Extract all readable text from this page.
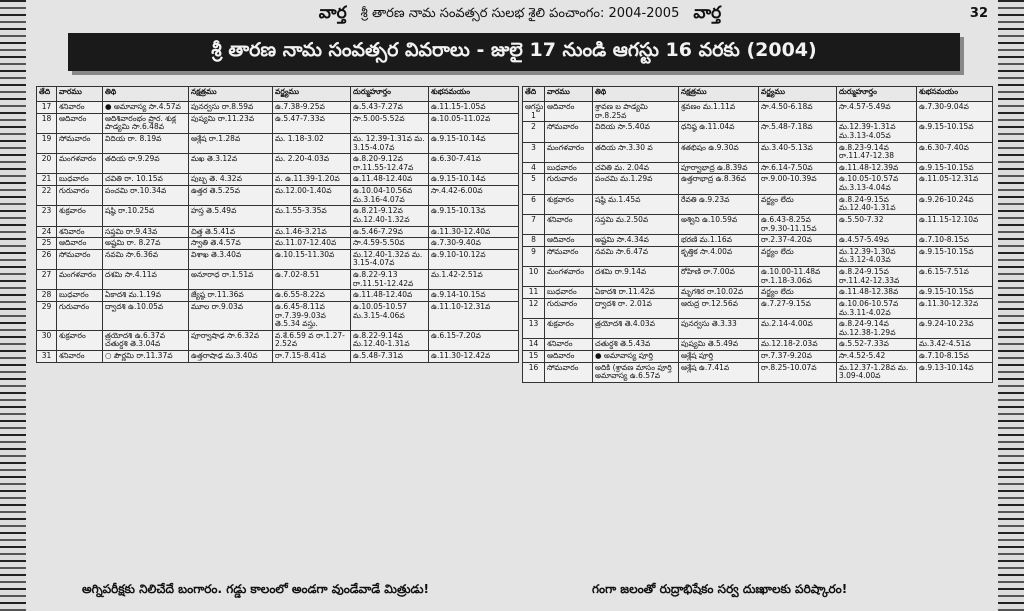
వార్త శ్రీ తారణ నామ సంవత్సర సులభ శైలి పంచాంగం: 2004-2005 వార్త	32
శ్రీ తారణ నామ సంవత్సర వివరాలు - జులై 17 నుండి ఆగస్టు 16 వరకు (2004)
తేది	వారము	తిథి	నక్షత్రము	వర్జ్యము	దుర్ముహూర్తం	శుభసమయం
17	శనివారం	● అమావాస్య సా.4.57వ	పునర్వసు రా.8.59వ	ఉ.7.38-9.25వ	ఉ.5.43-7.27వ	ఉ.11.15-1.05వ
18	ఆదివారం	ఆదిశివారంభం ప్రార. శుక్ల పాడ్యమి సా.6.48వ	పుష్యమి రా.11.23వ	ఉ.5.47-7.33వ	సా.5.00-5.52వ	ఉ.10.05-11.02వ
19	సోమవారం	విదియ రా. 8.19వ	ఆశ్లేష రా.1.28వ	మ. 1.18-3.02	మ. 12.39-1.31వ మ. 3.15-4.07వ	ఉ.9.15-10.14వ
20	మంగళవారం	తదియ రా.9.29వ	మఖ తె.3.12వ	మ. 2.20-4.03వ	ఉ.8.20-9.12వ రా.11.55-12.47వ	ఉ.6.30-7.41వ
21	బుధవారం	చవితి రా. 10.15వ	పుబ్బ తె. 4.32వ	వ. ఉ.11.39-1.20వ	ఉ.11.48-12.40వ	ఉ.9.15-10.14వ
22	గురువారం	పంచమి రా.10.34వ	ఉత్తర తె.5.25వ	మ.12.00-1.40వ	ఉ.10.04-10.56వ మ.3.16-4.07వ	సా.4.42-6.00వ
23	శుక్రవారం	షష్ఠి రా.10.25వ	హస్త తె.5.49వ	మ.1.55-3.35వ	ఉ.8.21-9.12వ మ.12.40-1.32వ	ఉ.9.15-10.13వ
24	శనివారం	సప్తమి రా.9.43వ	చిత్త తె.5.41వ	మ.1.46-3.21వ	ఉ.5.46-7.29వ	ఉ.11.30-12.40వ
25	ఆదివారం	అష్టమి రా. 8.27వ	స్వాతి తె.4.57వ	మ.11.07-12.40వ	సా.4.59-5.50వ	ఉ.7.30-9.40వ
26	సోమవారం	నవమి సా.6.36వ	విశాఖ తె.3.40వ	ఉ.10.15-11.30వ	మ.12.40-1.32వ మ. 3.15-4.07వ	ఉ.9.10-10.12వ
27	మంగళవారం	దశమి సా.4.11వ	అనూరాధ రా.1.51వ	ఉ.7.02-8.51	ఉ.8.22-9.13 రా.11.51-12.42వ	మ.1.42-2.51వ
28	బుధవారం	ఏకాదశి మ.1.19వ	జ్యేష్ఠ రా.11.36వ	ఉ.6.55-8.22వ	ఉ.11.48-12.40వ	ఉ.9.14-10.15వ
29	గురువారం	ద్వాదశి ఉ.10.05వ	మూల రా.9.03వ	ఉ.6.45-8.11వ రా.7.39-9.03వ తె.5.34 వస్తు.	ఉ.10.05-10.57 మ.3.15-4.06వ	ఉ.11.10-12.31వ
30	శుక్రవారం	త్రయోదశి ఉ.6.37వ చతుర్దశి తె.3.04వ	పూర్వాషాఢ సా.6.32వ	వ.శే.6.59 వ రా.1.27-2.52వ	ఉ.8.22-9.14వ మ.12.40-1.31వ	ఉ.6.15-7.20వ
31	శనివారం	○ పౌర్ణమి రా.11.37వ	ఉత్తరాషాఢ మ.3.40వ	రా.7.15-8.41వ	ఉ.5.48-7.31వ	ఉ.11.30-12.42వ
తేది	వారము	తిథి	నక్షత్రము	వర్జ్యము	దుర్ముహూర్తం	శుభసమయం
ఆగస్టు 1	ఆదివారం	శ్రావణ బ పాడ్యమి రా.8.25వ	శ్రవణం మ.1.11వ	సా.4.50-6.18వ	సా.4.57-5.49వ	ఉ.7.30-9.04వ
2	సోమవారం	విదియ సా.5.40వ	ధనిష్ఠ ఉ.11.04వ	సా.5.48-7.18వ	మ.12.39-1.31వ మ.3.13-4.05వ	ఉ.9.15-10.15వ
3	మంగళవారం	తదియ సా.3.30 వ	శతభిషం ఉ.9.30వ	మ.3.40-5.13వ	ఉ.8.23-9.14వ రా.11.47-12.38	ఉ.6.30-7.40వ
4	బుధవారం	చవితి మ. 2.04వ	పూర్వాభాద్ర ఉ.8.39వ	సా.6.14-7.50వ	ఉ.11.48-12.39వ	ఉ.9.15-10.15వ
5	గురువారం	పంచమి మ.1.29వ	ఉత్తరాభాద్ర ఉ.8.36వ	రా.9.00-10.39వ	ఉ.10.05-10.57వ మ.3.13-4.04వ	ఉ.11.05-12.31వ
6	శుక్రవారం	షష్ఠి మ.1.45వ	రేవతి ఉ.9.23వ	వర్జ్యం లేదు	ఉ.8.24-9.15వ మ.12.40-1.31వ	ఉ.9.26-10.24వ
7	శనివారం	సప్తమి మ.2.50వ	అశ్విని ఉ.10.59వ	ఉ.6.43-8.25వ రా.9.30-11.15వ	ఉ.5.50-7.32	ఉ.11.15-12.10వ
8	ఆదివారం	అష్టమి సా.4.34వ	భరణి మ.1.16వ	రా.2.37-4.20వ	ఉ.4.57-5.49వ	ఉ.7.10-8.15వ
9	సోమవారం	నవమి సా.6.47వ	కృత్తిక సా.4.00వ	వర్జ్యం లేదు	మ.12.39-1.30వ మ.3.12-4.03వ	ఉ.9.15-10.15వ
10	మంగళవారం	దశమి రా.9.14వ	రోహిణి రా.7.00వ	ఉ.10.00-11.48వ రా.1.18-3.06వ	ఉ.8.24-9.15వ రా.11.42-12.33వ	ఉ.6.15-7.51వ
11	బుధవారం	ఏకాదశి రా.11.42వ	మృగశిర రా.10.02వ	వర్జ్యం లేదు	ఉ.11.48-12.38వ	ఉ.9.15-10.15వ
12	గురువారం	ద్వాదశి రా. 2.01వ	ఆరుద్ర రా.12.56వ	ఉ.7.27-9.15వ	ఉ.10.06-10.57వ మ.3.11-4.02వ	ఉ.11.30-12.32వ
13	శుక్రవారం	త్రయోదశి తె.4.03వ	పునర్వసు తె.3.33	మ.2.14-4.00వ	ఉ.8.24-9.14వ మ.12.38-1.29వ	ఉ.9.24-10.23వ
14	శనివారం	చతుర్దశి తె.5.43వ	పుష్యమి తె.5.49వ	మ.12.18-2.03వ	ఉ.5.52-7.33వ	మ.3.42-4.51వ
15	ఆదివారం	● అమావాస్య పూర్తి	ఆశ్లేష పూర్తి	రా.7.37-9.20వ	సా.4.52-5.42	ఉ.7.10-8.15వ
16	సోమవారం	అదికి (శ్రావణ మాసం పూర్తి అమావాస్య ఉ.6.57వ	ఆశ్లేష ఉ.7.41వ	రా.8.25-10.07వ	మ.12.37-1.28వ మ. 3.09-4.00వ	ఉ.9.13-10.14వ
అగ్నిపరీక్షకు నిలిచేదే బంగారం. గడ్డు కాలంలో అండగా వుండేవాడే మిత్రుడు!	గంగా జలంతో రుద్రాభిషేకం సర్వ దుఃఖాలకు పరిష్కారం!
